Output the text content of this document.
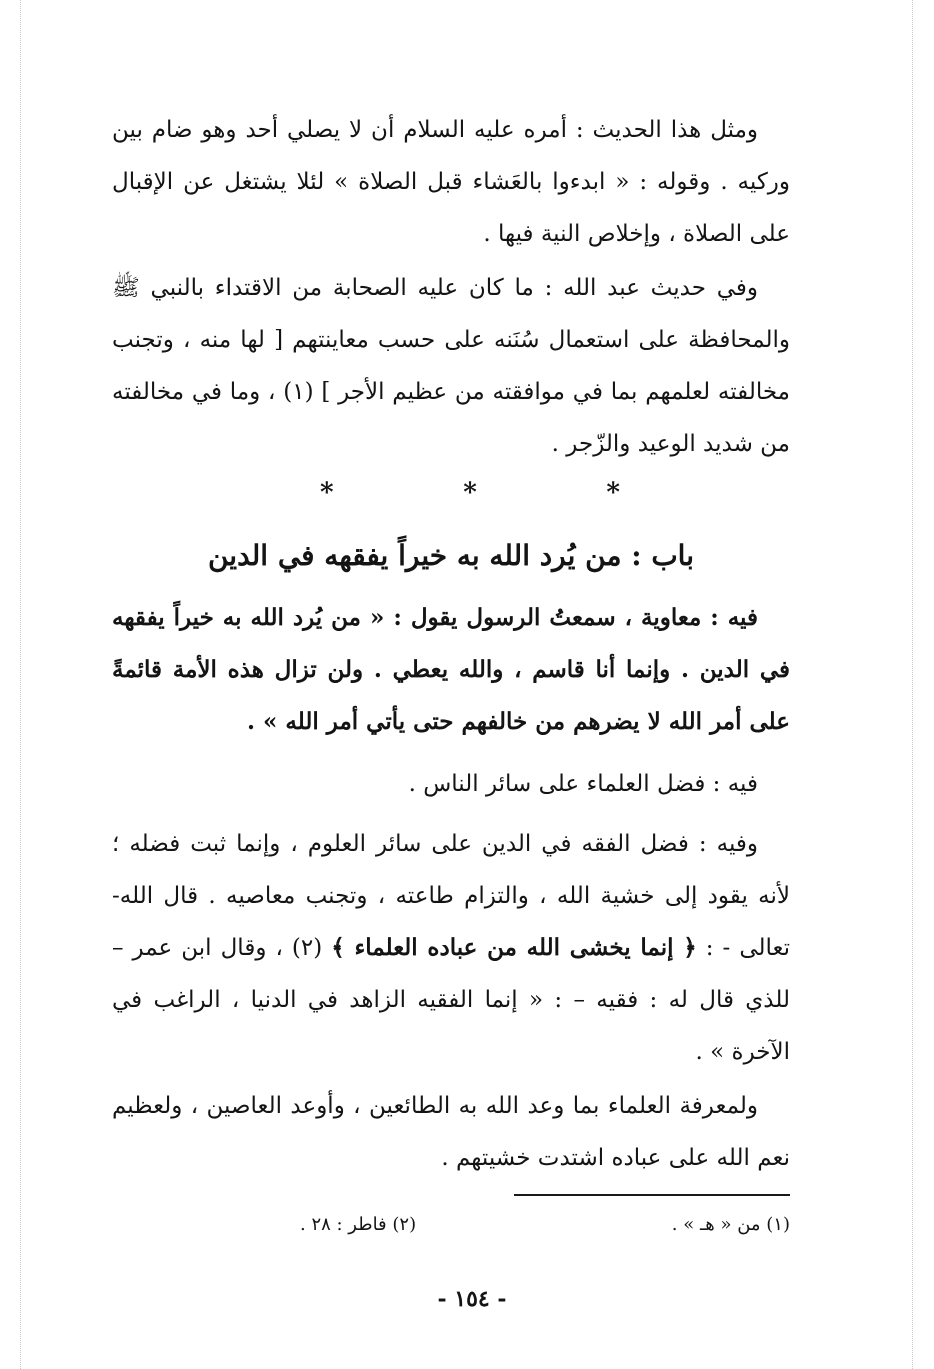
ومثل هذا الحديث : أمره عليه السلام أن لا يصلي أحد وهو ضام بين وركيه . وقوله : « ابدءوا بالعَشاء قبل الصلاة » لئلا يشتغل عن الإقبال على الصلاة ، وإخلاص النية فيها .

وفي حديث عبد الله : ما كان عليه الصحابة من الاقتداء بالنبي ﷺ والمحافظة على استعمال سُنَنه على حسب معاينتهم [ لها منه ، وتجنب مخالفته لعلمهم بما في موافقته من عظيم الأجر ] (١) ، وما في مخالفته من شديد الوعيد والزّجر .

*
*
*
باب : من يُرد الله به خيراً يفقهه في الدين

فيه : معاوية ، سمعتُ الرسول يقول : « من يُرد الله به خيراً يفقهه في الدين . وإنما أنا قاسم ، والله يعطي . ولن تزال هذه الأمة قائمةً على أمر الله لا يضرهم من خالفهم حتى يأتي أمر الله » .

فيه : فضل العلماء على سائر الناس .

وفيه : فضل الفقه في الدين على سائر العلوم ، وإنما ثبت فضله ؛ لأنه يقود إلى خشية الله ، والتزام طاعته ، وتجنب معاصيه . قال الله- تعالى - : ﴿ إنما يخشى الله من عباده العلماء ﴾ (٢) ، وقال ابن عمر – للذي قال له : فقيه – : « إنما الفقيه الزاهد في الدنيا ، الراغب في الآخرة » .

ولمعرفة العلماء بما وعد الله به الطائعين ، وأوعد العاصين ، ولعظيم نعم الله على عباده اشتدت خشيتهم .

(١) من « هـ » .
(٢) فاطر : ٢٨ .
- ١٥٤ -
